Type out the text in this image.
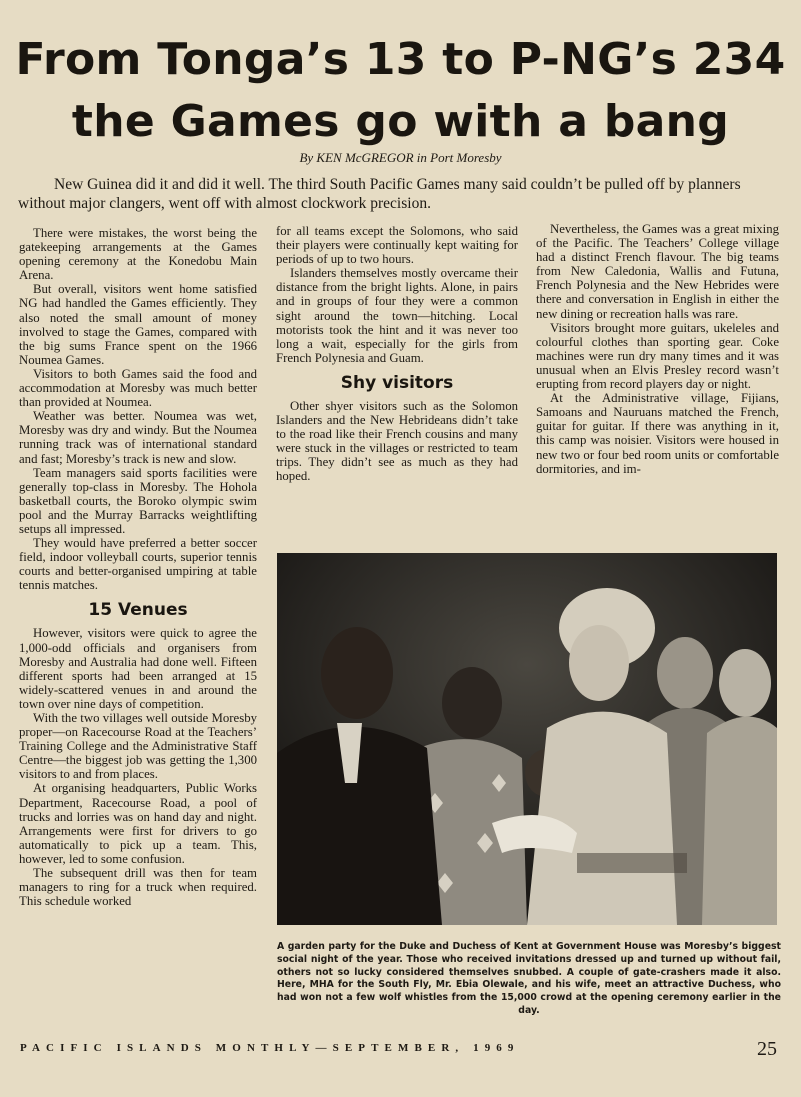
From Tonga’s 13 to P-NG’s 234
the Games go with a bang
By KEN McGREGOR in Port Moresby

New Guinea did it and did it well. The third South Pacific Games many said couldn’t be pulled off by planners without major clangers, went off with almost clockwork precision.

There were mistakes, the worst being the gatekeeping arrangements at the Games opening ceremony at the Konedobu Main Arena.

But overall, visitors went home satisfied NG had handled the Games efficiently. They also noted the small amount of money involved to stage the Games, compared with the big sums France spent on the 1966 Noumea Games.

Visitors to both Games said the food and accommodation at Moresby was much better than provided at Noumea.

Weather was better. Noumea was wet, Moresby was dry and windy. But the Noumea running track was of international standard and fast; Moresby’s track is new and slow.

Team managers said sports facilities were generally top-class in Moresby. The Hohola basketball courts, the Boroko olympic swim pool and the Murray Barracks weightlifting setups all impressed.

They would have preferred a better soccer field, indoor volleyball courts, superior tennis courts and better-organised umpiring at table tennis matches.

15 Venues

However, visitors were quick to agree the 1,000-odd officials and organisers from Moresby and Australia had done well. Fifteen different sports had been arranged at 15 widely-scattered venues in and around the town over nine days of competition.

With the two villages well outside Moresby proper—on Racecourse Road at the Teachers’ Training College and the Administrative Staff Centre—the biggest job was getting the 1,300 visitors to and from places.

At organising headquarters, Public Works Department, Racecourse Road, a pool of trucks and lorries was on hand day and night. Arrangements were first for drivers to go automatically to pick up a team. This, however, led to some confusion.

The subsequent drill was then for team managers to ring for a truck when required. This schedule worked

for all teams except the Solomons, who said their players were continually kept waiting for periods of up to two hours.

Islanders themselves mostly overcame their distance from the bright lights. Alone, in pairs and in groups of four they were a common sight around the town—hitching. Local motorists took the hint and it was never too long a wait, especially for the girls from French Polynesia and Guam.

Shy visitors

Other shyer visitors such as the Solomon Islanders and the New Hebrideans didn’t take to the road like their French cousins and many were stuck in the villages or restricted to team trips. They didn’t see as much as they had hoped.

Nevertheless, the Games was a great mixing of the Pacific. The Teachers’ College village had a distinct French flavour. The big teams from New Caledonia, Wallis and Futuna, French Polynesia and the New Hebrides were there and conversation in English in either the new dining or recreation halls was rare.

Visitors brought more guitars, ukeleles and colourful clothes than sporting gear. Coke machines were run dry many times and it was unusual when an Elvis Presley record wasn’t erupting from record players day or night.

At the Administrative village, Fijians, Samoans and Nauruans matched the French, guitar for guitar. If there was anything in it, this camp was noisier. Visitors were housed in new two or four bed room units or comfortable dormitories, and im-

A garden party for the Duke and Duchess of Kent at Government House was Moresby’s biggest social night of the year. Those who received invitations dressed up and turned up without fail, others not so lucky considered themselves snubbed. A couple of gate-crashers made it also. Here, MHA for the South Fly, Mr. Ebia Olewale, and his wife, meet an attractive Duchess, who had won not a few wolf whistles from the 15,000 crowd at the opening ceremony earlier in the day.

PACIFIC ISLANDS MONTHLY—SEPTEMBER, 1969	25
